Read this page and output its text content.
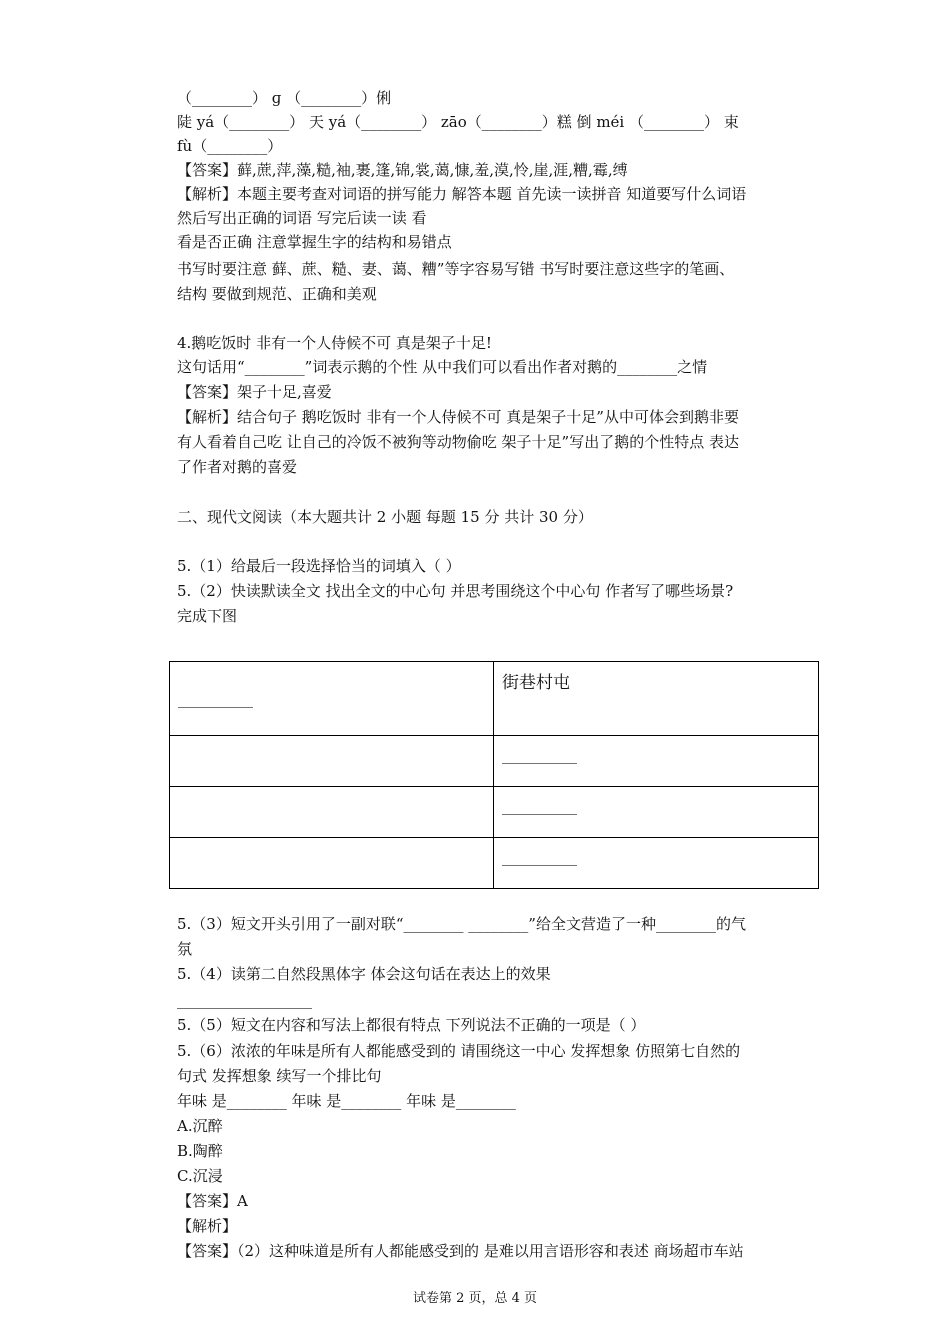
（________） ɡ （________）俐
陡 yá（________） 天 yá（________） zāo（________）糕 倒 méi （________） 束
fù（________）
【答案】藓,蔗,萍,藻,糙,袖,裹,篷,锦,裳,蔼,慷,羞,漠,怜,崖,涯,糟,霉,缚
【解析】本题主要考查对词语的拼写能力 解答本题 首先读一读拼音 知道要写什么词语
然后写出正确的词语 写完后读一读 看
看是否正确 注意掌握生字的结构和易错点
书写时要注意 藓、蔗、糙、妻、蔼、糟”等字容易写错 书写时要注意这些字的笔画、
结构 要做到规范、正确和美观
4.鹅吃饭时 非有一个人侍候不可 真是架子十足!
这句话用“________”词表示鹅的个性 从中我们可以看出作者对鹅的________之情
【答案】架子十足,喜爱
【解析】结合句子 鹅吃饭时 非有一个人侍候不可 真是架子十足”从中可体会到鹅非要
有人看着自己吃 让自己的冷饭不被狗等动物偷吃 架子十足”写出了鹅的个性特点 表达
了作者对鹅的喜爱
二、现代文阅读（本大题共计 2 小题 每题 15 分 共计 30 分）
5.（1）给最后一段选择恰当的词填入（ ）
5.（2）快读默读全文 找出全文的中心句 并思考围绕这个中心句 作者写了哪些场景?
完成下图
5.（3）短文开头引用了一副对联“________ ________”给全文营造了一种________的气
氛
5.（4）读第二自然段黑体字 体会这句话在表达上的效果
__________________
5.（5）短文在内容和写法上都很有特点 下列说法不正确的一项是（ ）
5.（6）浓浓的年味是所有人都能感受到的 请围绕这一中心 发挥想象 仿照第七自然的
句式 发挥想象 续写一个排比句
年味 是________ 年味 是________ 年味 是________
A.沉醉
B.陶醉
C.沉浸
【答案】A
【解析】
【答案】（2）这种味道是所有人都能感受到的 是难以用言语形容和表述 商场超市车站
__________	街巷村屯

	__________

	__________

	__________
试卷第 2 页，总 4 页
